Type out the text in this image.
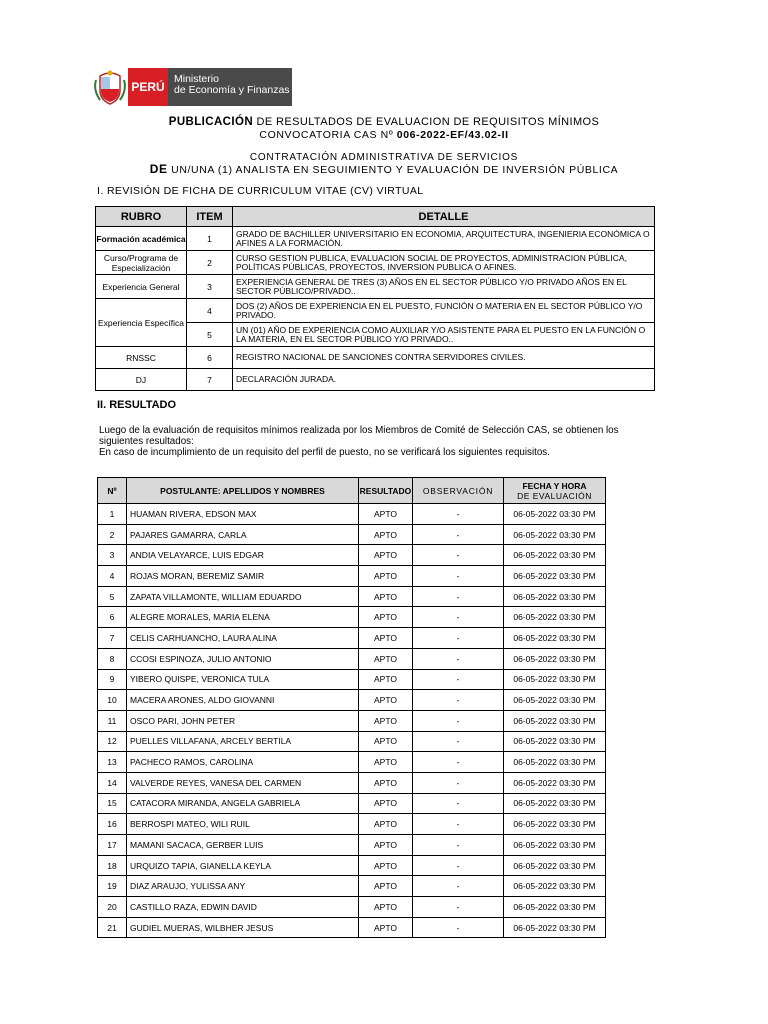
PERÚ
Ministerio
de Economía y Finanzas
PUBLICACIÓN DE RESULTADOS DE EVALUACION DE REQUISITOS MÍNIMOS
CONVOCATORIA CAS Nº 006-2022-EF/43.02-II
CONTRATACIÓN ADMINISTRATIVA DE SERVICIOS
DE UN/UNA (1) ANALISTA EN SEGUIMIENTO Y EVALUACIÓN DE INVERSIÓN PÚBLICA
I. REVISIÓN DE FICHA DE CURRICULUM VITAE (CV) VIRTUAL
RUBRO	ITEM	DETALLE
Formación académica	1	GRADO DE BACHILLER UNIVERSITARIO EN ECONOMIA, ARQUITECTURA, INGENIERIA ECONÓMICA O AFINES A LA FORMACIÓN.
Curso/Programa de Especialización	2	CURSO GESTION PUBLICA, EVALUACION SOCIAL DE PROYECTOS, ADMINISTRACION PÚBLICA, POLÍTICAS PÚBLICAS, PROYECTOS, INVERSION PUBLICA O AFINES.
Experiencia General	3	EXPERIENCIA GENERAL DE TRES (3) AÑOS EN EL SECTOR PÚBLICO Y/O PRIVADO AÑOS EN EL SECTOR PÚBLICO/PRIVADO..
Experiencia Específica	4	DOS (2) AÑOS DE EXPERIENCIA EN EL PUESTO, FUNCIÓN O MATERIA EN EL SECTOR PÚBLICO Y/O PRIVADO.
	5	UN (01) AÑO DE EXPERIENCIA COMO AUXILIAR Y/O ASISTENTE PARA EL PUESTO EN LA FUNCIÓN O LA MATERIA, EN EL SECTOR PÚBLICO Y/O PRIVADO..
RNSSC	6	REGISTRO NACIONAL DE SANCIONES CONTRA SERVIDORES CIVILES.
DJ	7	DECLARACIÓN JURADA.
II. RESULTADO
Luego de la evaluación de requisitos mínimos realizada por los Miembros de Comité de Selección CAS, se obtienen los siguientes resultados:
En caso de incumplimiento de un requisito del perfil de puesto, no se verificará los siguientes requisitos.
Nº	POSTULANTE: APELLIDOS Y NOMBRES	RESULTADO	OBSERVACIÓN	FECHA Y HORA
DE EVALUACIÓN

1	HUAMAN RIVERA, EDSON MAX	APTO	-	06-05-2022 03:30 PM
2	PAJARES GAMARRA, CARLA	APTO	-	06-05-2022 03:30 PM
3	ANDIA VELAYARCE, LUIS EDGAR	APTO	-	06-05-2022 03:30 PM
4	ROJAS MORAN, BEREMIZ SAMIR	APTO	-	06-05-2022 03:30 PM
5	ZAPATA VILLAMONTE, WILLIAM EDUARDO	APTO	-	06-05-2022 03:30 PM
6	ALEGRE MORALES, MARIA ELENA	APTO	-	06-05-2022 03:30 PM
7	CELIS CARHUANCHO, LAURA ALINA	APTO	-	06-05-2022 03:30 PM
8	CCOSI ESPINOZA, JULIO ANTONIO	APTO	-	06-05-2022 03:30 PM
9	YIBERO QUISPE, VERONICA TULA	APTO	-	06-05-2022 03:30 PM
10	MACERA ARONES, ALDO GIOVANNI	APTO	-	06-05-2022 03:30 PM
11	OSCO PARI, JOHN PETER	APTO	-	06-05-2022 03:30 PM
12	PUELLES VILLAFANA, ARCELY BERTILA	APTO	-	06-05-2022 03:30 PM
13	PACHECO RAMOS, CAROLINA	APTO	-	06-05-2022 03:30 PM
14	VALVERDE REYES, VANESA DEL CARMEN	APTO	-	06-05-2022 03:30 PM
15	CATACORA MIRANDA, ANGELA GABRIELA	APTO	-	06-05-2022 03:30 PM
16	BERROSPI MATEO, WILI RUIL	APTO	-	06-05-2022 03:30 PM
17	MAMANI SACACA, GERBER LUIS	APTO	-	06-05-2022 03:30 PM
18	URQUIZO TAPIA, GIANELLA KEYLA	APTO	-	06-05-2022 03:30 PM
19	DIAZ ARAUJO, YULISSA ANY	APTO	-	06-05-2022 03:30 PM
20	CASTILLO RAZA, EDWIN DAVID	APTO	-	06-05-2022 03:30 PM
21	GUDIEL MUERAS, WILBHER JESUS	APTO	-	06-05-2022 03:30 PM
